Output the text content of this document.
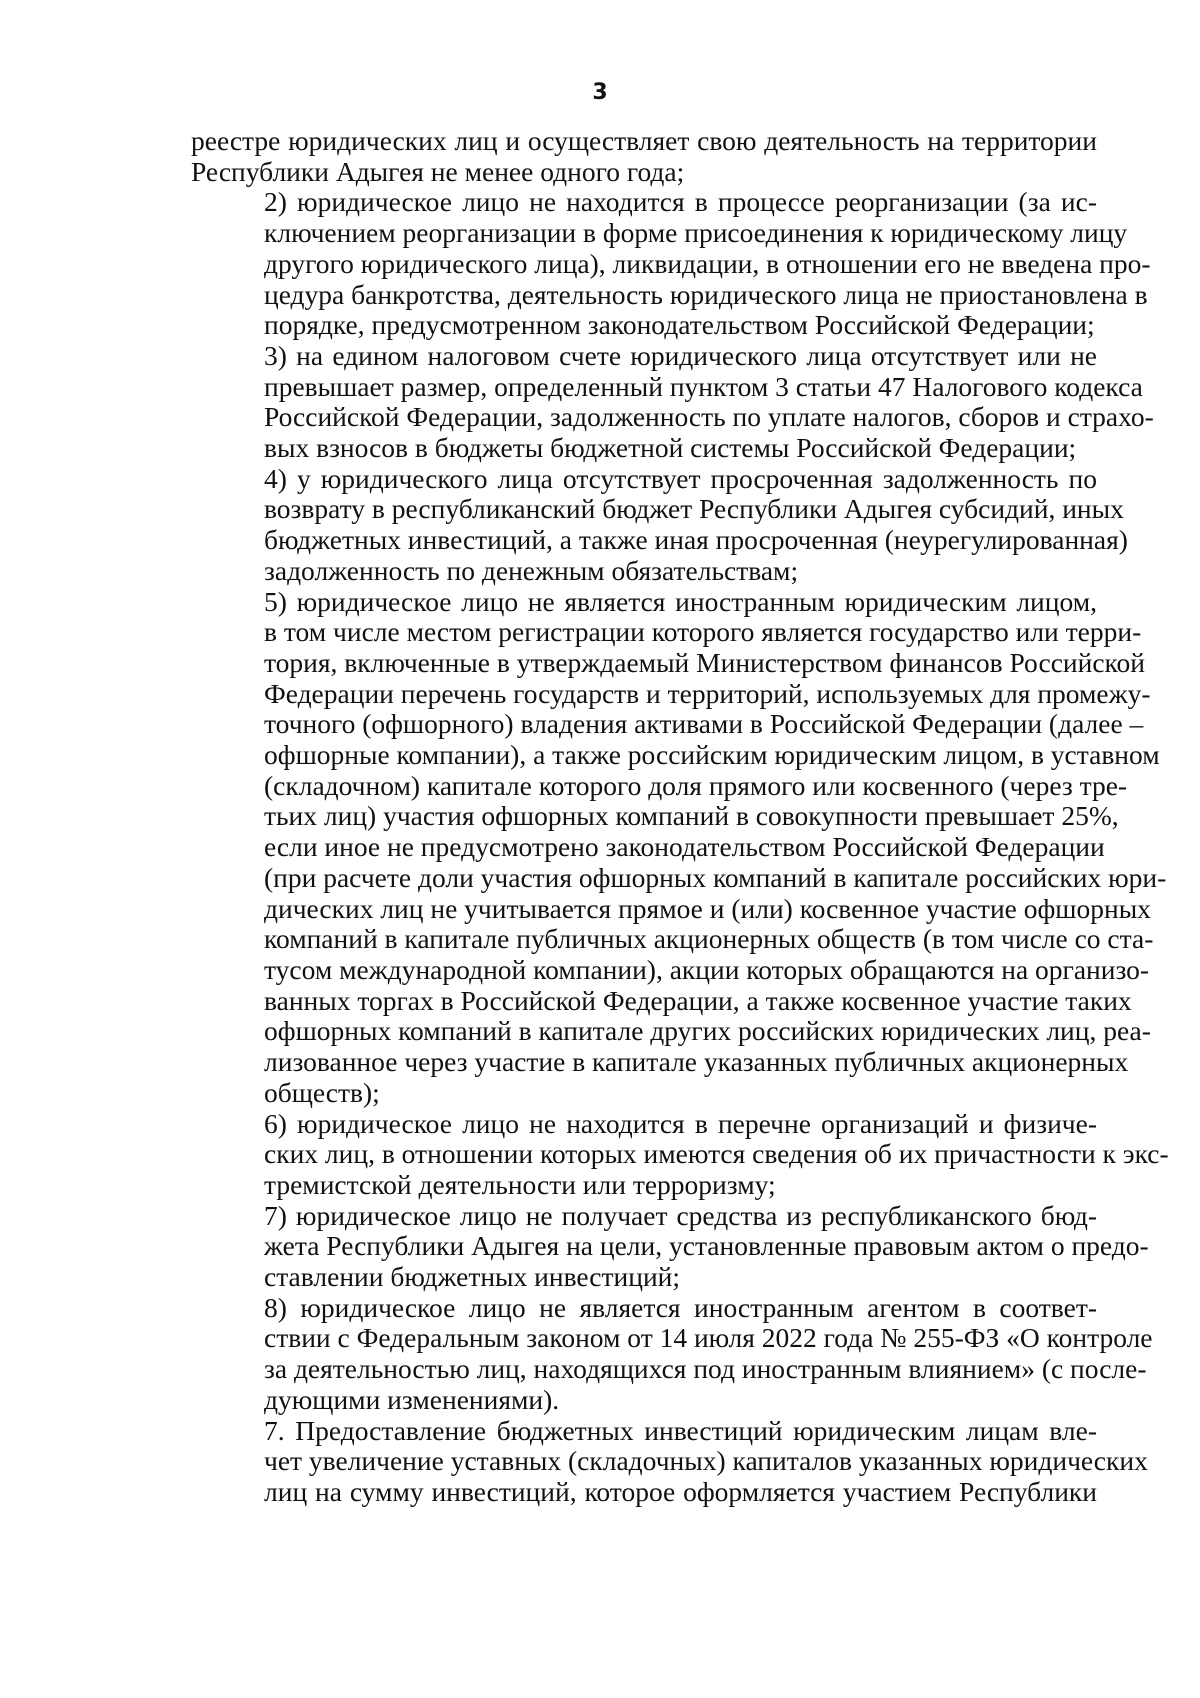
3
реестре юридических лиц и осуществляет свою деятельность на территории
Республики Адыгея не менее одного года;
2) юридическое лицо не находится в процессе реорганизации (за ис-
ключением реорганизации в форме присоединения к юридическому лицу
другого юридического лица), ликвидации, в отношении его не введена про-
цедура банкротства, деятельность юридического лица не приостановлена в
порядке, предусмотренном законодательством Российской Федерации;
3) на едином налоговом счете юридического лица отсутствует или не
превышает размер, определенный пунктом 3 статьи 47 Налогового кодекса
Российской Федерации, задолженность по уплате налогов, сборов и страхо-
вых взносов в бюджеты бюджетной системы Российской Федерации;
4) у юридического лица отсутствует просроченная задолженность по
возврату в республиканский бюджет Республики Адыгея субсидий, иных
бюджетных инвестиций, а также иная просроченная (неурегулированная)
задолженность по денежным обязательствам;
5) юридическое лицо не является иностранным юридическим лицом,
в том числе местом регистрации которого является государство или терри-
тория, включенные в утверждаемый Министерством финансов Российской
Федерации перечень государств и территорий, используемых для промежу-
точного (офшорного) владения активами в Российской Федерации (далее –
офшорные компании), а также российским юридическим лицом, в уставном
(складочном) капитале которого доля прямого или косвенного (через тре-
тьих лиц) участия офшорных компаний в совокупности превышает 25%,
если иное не предусмотрено законодательством Российской Федерации
(при расчете доли участия офшорных компаний в капитале российских юри-
дических лиц не учитывается прямое и (или) косвенное участие офшорных
компаний в капитале публичных акционерных обществ (в том числе со ста-
тусом международной компании), акции которых обращаются на организо-
ванных торгах в Российской Федерации, а также косвенное участие таких
офшорных компаний в капитале других российских юридических лиц, реа-
лизованное через участие в капитале указанных публичных акционерных
обществ);
6) юридическое лицо не находится в перечне организаций и физиче-
ских лиц, в отношении которых имеются сведения об их причастности к экс-
тремистской деятельности или терроризму;
7) юридическое лицо не получает средства из республиканского бюд-
жета Республики Адыгея на цели, установленные правовым актом о предо-
ставлении бюджетных инвестиций;
8) юридическое лицо не является иностранным агентом в соответ-
ствии с Федеральным законом от 14 июля 2022 года № 255-ФЗ «О контроле
за деятельностью лиц, находящихся под иностранным влиянием» (с после-
дующими изменениями).
7. Предоставление бюджетных инвестиций юридическим лицам вле-
чет увеличение уставных (складочных) капиталов указанных юридических
лиц на сумму инвестиций, которое оформляется участием Республики
